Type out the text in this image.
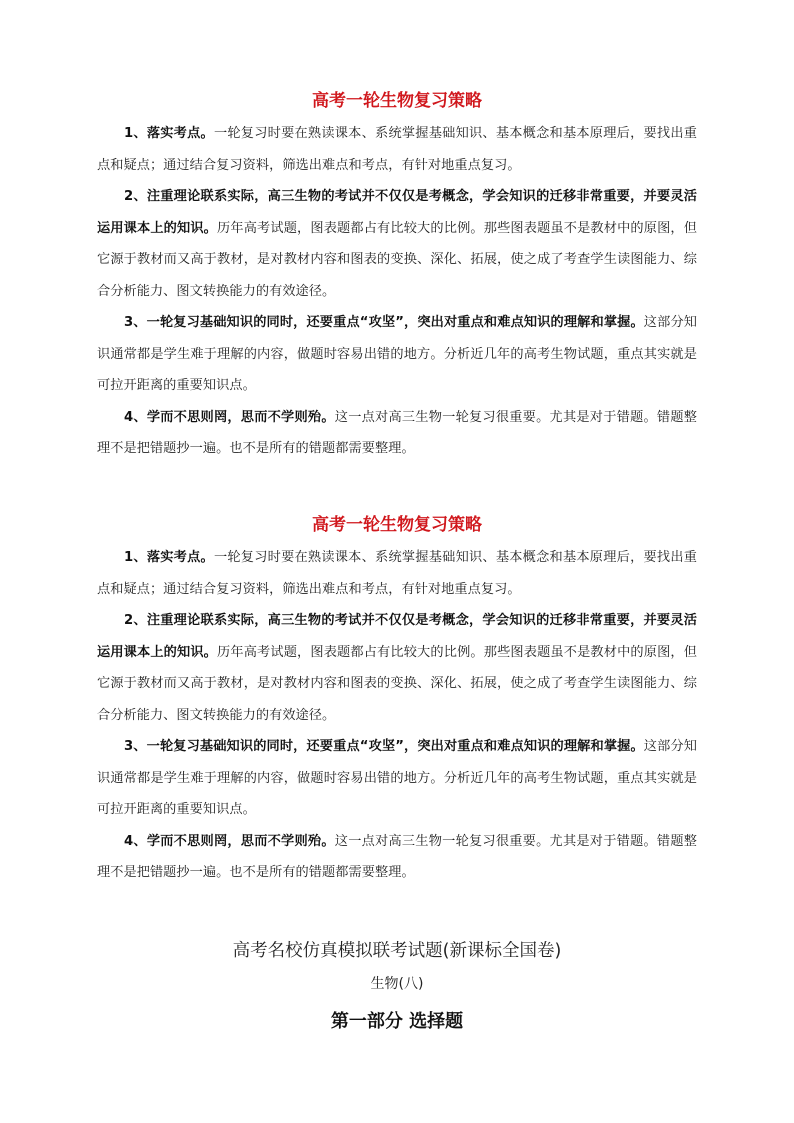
高考一轮生物复习策略

1、落实考点。一轮复习时要在熟读课本、系统掌握基础知识、基本概念和基本原理后，要找出重点和疑点；通过结合复习资料，筛选出难点和考点，有针对地重点复习。

2、注重理论联系实际，高三生物的考试并不仅仅是考概念，学会知识的迁移非常重要，并要灵活运用课本上的知识。历年高考试题，图表题都占有比较大的比例。那些图表题虽不是教材中的原图，但它源于教材而又高于教材，是对教材内容和图表的变换、深化、拓展，使之成了考查学生读图能力、综合分析能力、图文转换能力的有效途径。

3、一轮复习基础知识的同时，还要重点“攻坚”，突出对重点和难点知识的理解和掌握。这部分知识通常都是学生难于理解的内容，做题时容易出错的地方。分析近几年的高考生物试题，重点其实就是可拉开距离的重要知识点。

4、学而不思则罔，思而不学则殆。这一点对高三生物一轮复习很重要。尤其是对于错题。错题整理不是把错题抄一遍。也不是所有的错题都需要整理。

高考一轮生物复习策略

1、落实考点。一轮复习时要在熟读课本、系统掌握基础知识、基本概念和基本原理后，要找出重点和疑点；通过结合复习资料，筛选出难点和考点，有针对地重点复习。

2、注重理论联系实际，高三生物的考试并不仅仅是考概念，学会知识的迁移非常重要，并要灵活运用课本上的知识。历年高考试题，图表题都占有比较大的比例。那些图表题虽不是教材中的原图，但它源于教材而又高于教材，是对教材内容和图表的变换、深化、拓展，使之成了考查学生读图能力、综合分析能力、图文转换能力的有效途径。

3、一轮复习基础知识的同时，还要重点“攻坚”，突出对重点和难点知识的理解和掌握。这部分知识通常都是学生难于理解的内容，做题时容易出错的地方。分析近几年的高考生物试题，重点其实就是可拉开距离的重要知识点。

4、学而不思则罔，思而不学则殆。这一点对高三生物一轮复习很重要。尤其是对于错题。错题整理不是把错题抄一遍。也不是所有的错题都需要整理。

高考名校仿真模拟联考试题(新课标全国卷)
生物(八)
第一部分 选择题
